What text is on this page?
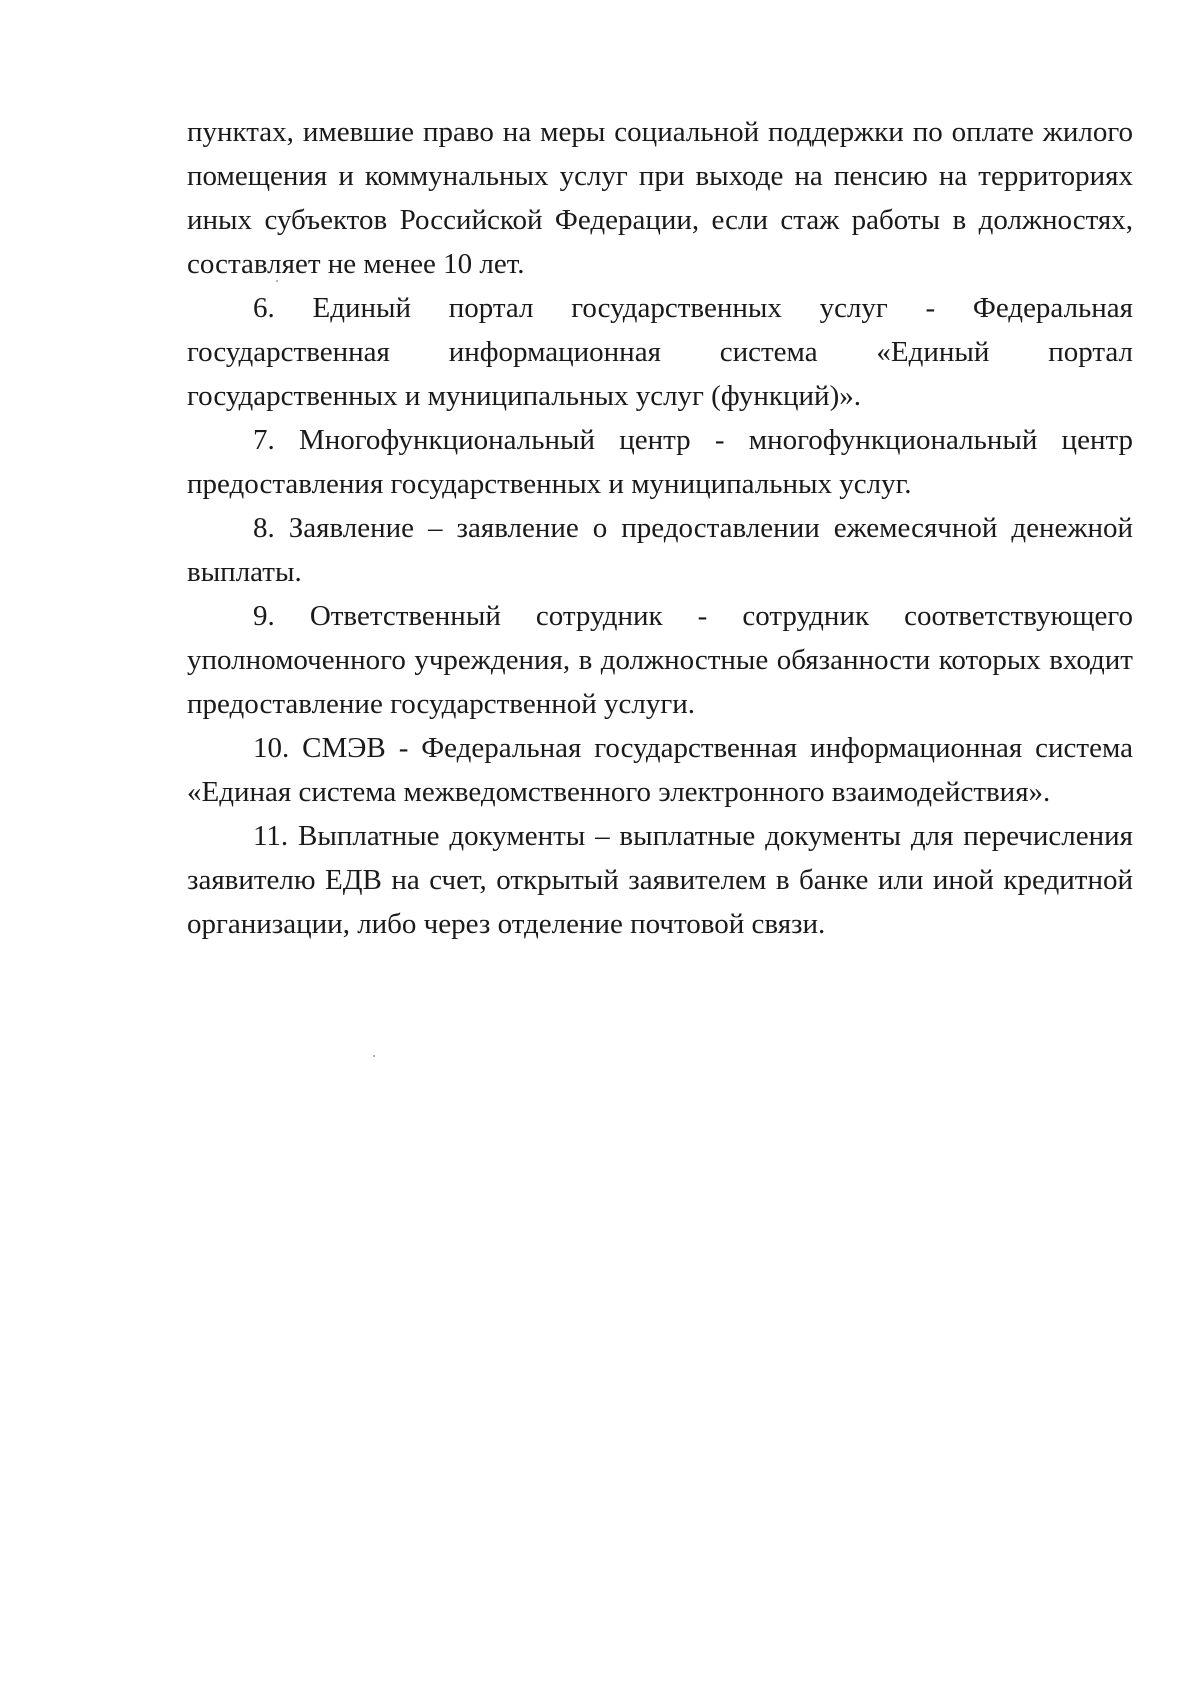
пунктах, имевшие право на меры социальной поддержки по оплате жилого помещения и коммунальных услуг при выходе на пенсию на территориях иных субъектов Российской Федерации, если стаж работы в должностях, составляет не менее 10 лет.

6. Единый портал государственных услуг - Федеральная государственная информационная система «Единый портал государственных и муниципальных услуг (функций)».

7. Многофункциональный центр - многофункциональный центр предоставления государственных и муниципальных услуг.

8. Заявление – заявление о предоставлении ежемесячной денежной выплаты.

9. Ответственный сотрудник - сотрудник соответствующего уполномоченного учреждения, в должностные обязанности которых входит предоставление государственной услуги.

10. СМЭВ - Федеральная государственная информационная система «Единая система межведомственного электронного взаимодействия».

11. Выплатные документы – выплатные документы для перечисления заявителю ЕДВ на счет, открытый заявителем в банке или иной кредитной организации, либо через отделение почтовой связи.
